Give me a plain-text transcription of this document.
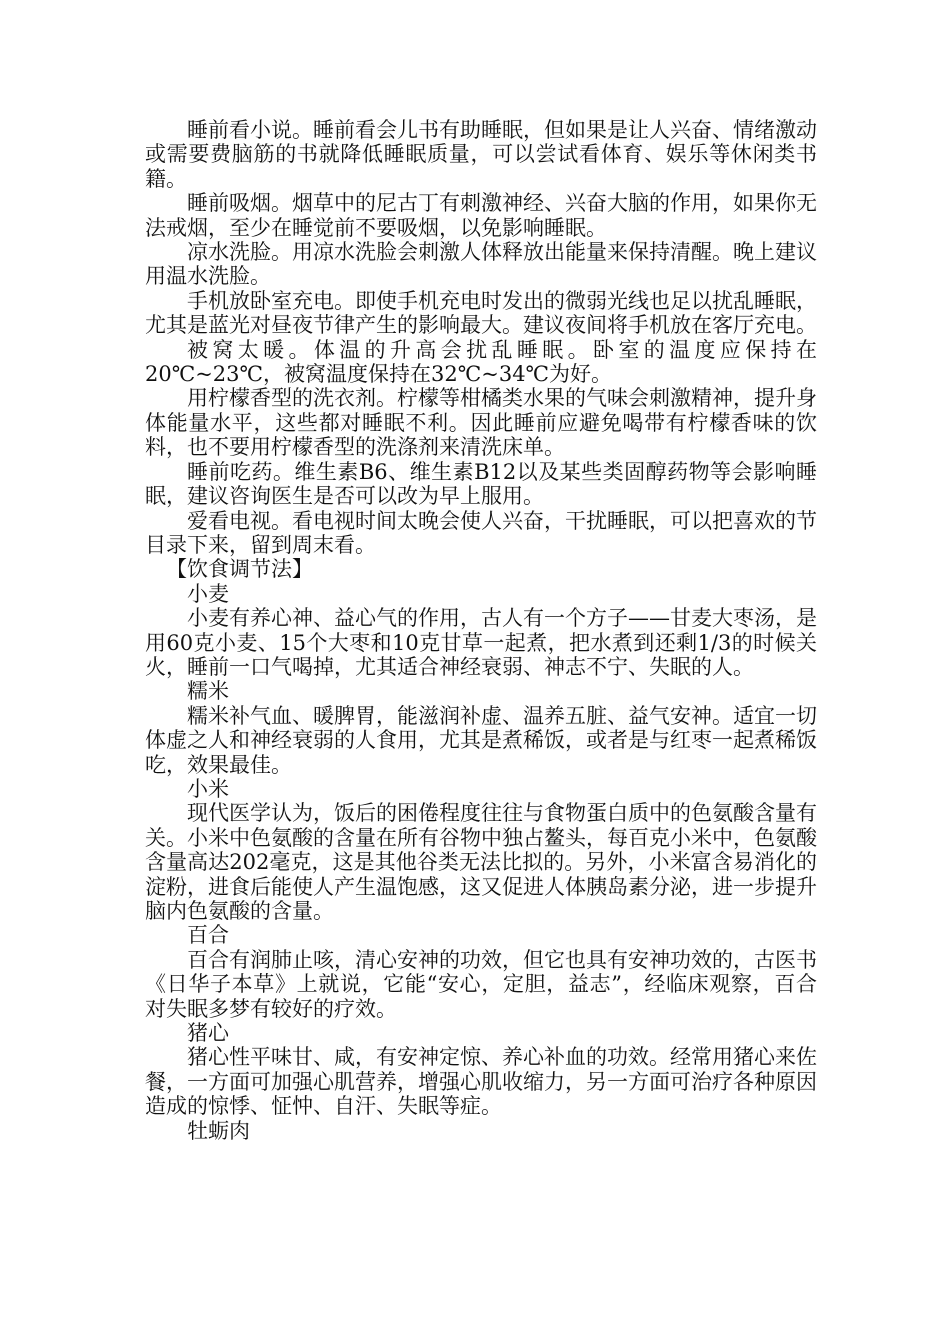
睡前看小说。睡前看会儿书有助睡眠，但如果是让人兴奋、情绪激动或需要费脑筋的书就降低睡眠质量，可以尝试看体育、娱乐等休闲类书籍。

睡前吸烟。烟草中的尼古丁有刺激神经、兴奋大脑的作用，如果你无法戒烟，至少在睡觉前不要吸烟，以免影响睡眠。

凉水洗脸。用凉水洗脸会刺激人体释放出能量来保持清醒。晚上建议用温水洗脸。

手机放卧室充电。即使手机充电时发出的微弱光线也足以扰乱睡眠，尤其是蓝光对昼夜节律产生的影响最大。建议夜间将手机放在客厅充电。

被窝太暖。体温的升高会扰乱睡眠。卧室的温度应保持在20℃~23℃，被窝温度保持在32℃~34℃为好。

用柠檬香型的洗衣剂。柠檬等柑橘类水果的气味会刺激精神，提升身体能量水平，这些都对睡眠不利。因此睡前应避免喝带有柠檬香味的饮料，也不要用柠檬香型的洗涤剂来清洗床单。

睡前吃药。维生素B6、维生素B12以及某些类固醇药物等会影响睡眠，建议咨询医生是否可以改为早上服用。

爱看电视。看电视时间太晚会使人兴奋，干扰睡眠，可以把喜欢的节目录下来，留到周末看。

【饮食调节法】

小麦

小麦有养心神、益心气的作用，古人有一个方子——甘麦大枣汤，是用60克小麦、15个大枣和10克甘草一起煮，把水煮到还剩1/3的时候关火，睡前一口气喝掉，尤其适合神经衰弱、神志不宁、失眠的人。

糯米

糯米补气血、暖脾胃，能滋润补虚、温养五脏、益气安神。适宜一切体虚之人和神经衰弱的人食用，尤其是煮稀饭，或者是与红枣一起煮稀饭吃，效果最佳。

小米

现代医学认为，饭后的困倦程度往往与食物蛋白质中的色氨酸含量有关。小米中色氨酸的含量在所有谷物中独占鳌头，每百克小米中，色氨酸含量高达202毫克，这是其他谷类无法比拟的。另外，小米富含易消化的淀粉，进食后能使人产生温饱感，这又促进人体胰岛素分泌，进一步提升脑内色氨酸的含量。

百合

百合有润肺止咳，清心安神的功效，但它也具有安神功效的，古医书《日华子本草》上就说，它能“安心，定胆，益志”，经临床观察，百合对失眠多梦有较好的疗效。

猪心

猪心性平味甘、咸，有安神定惊、养心补血的功效。经常用猪心来佐餐，一方面可加强心肌营养，增强心肌收缩力，另一方面可治疗各种原因造成的惊悸、怔忡、自汗、失眠等症。

牡蛎肉
